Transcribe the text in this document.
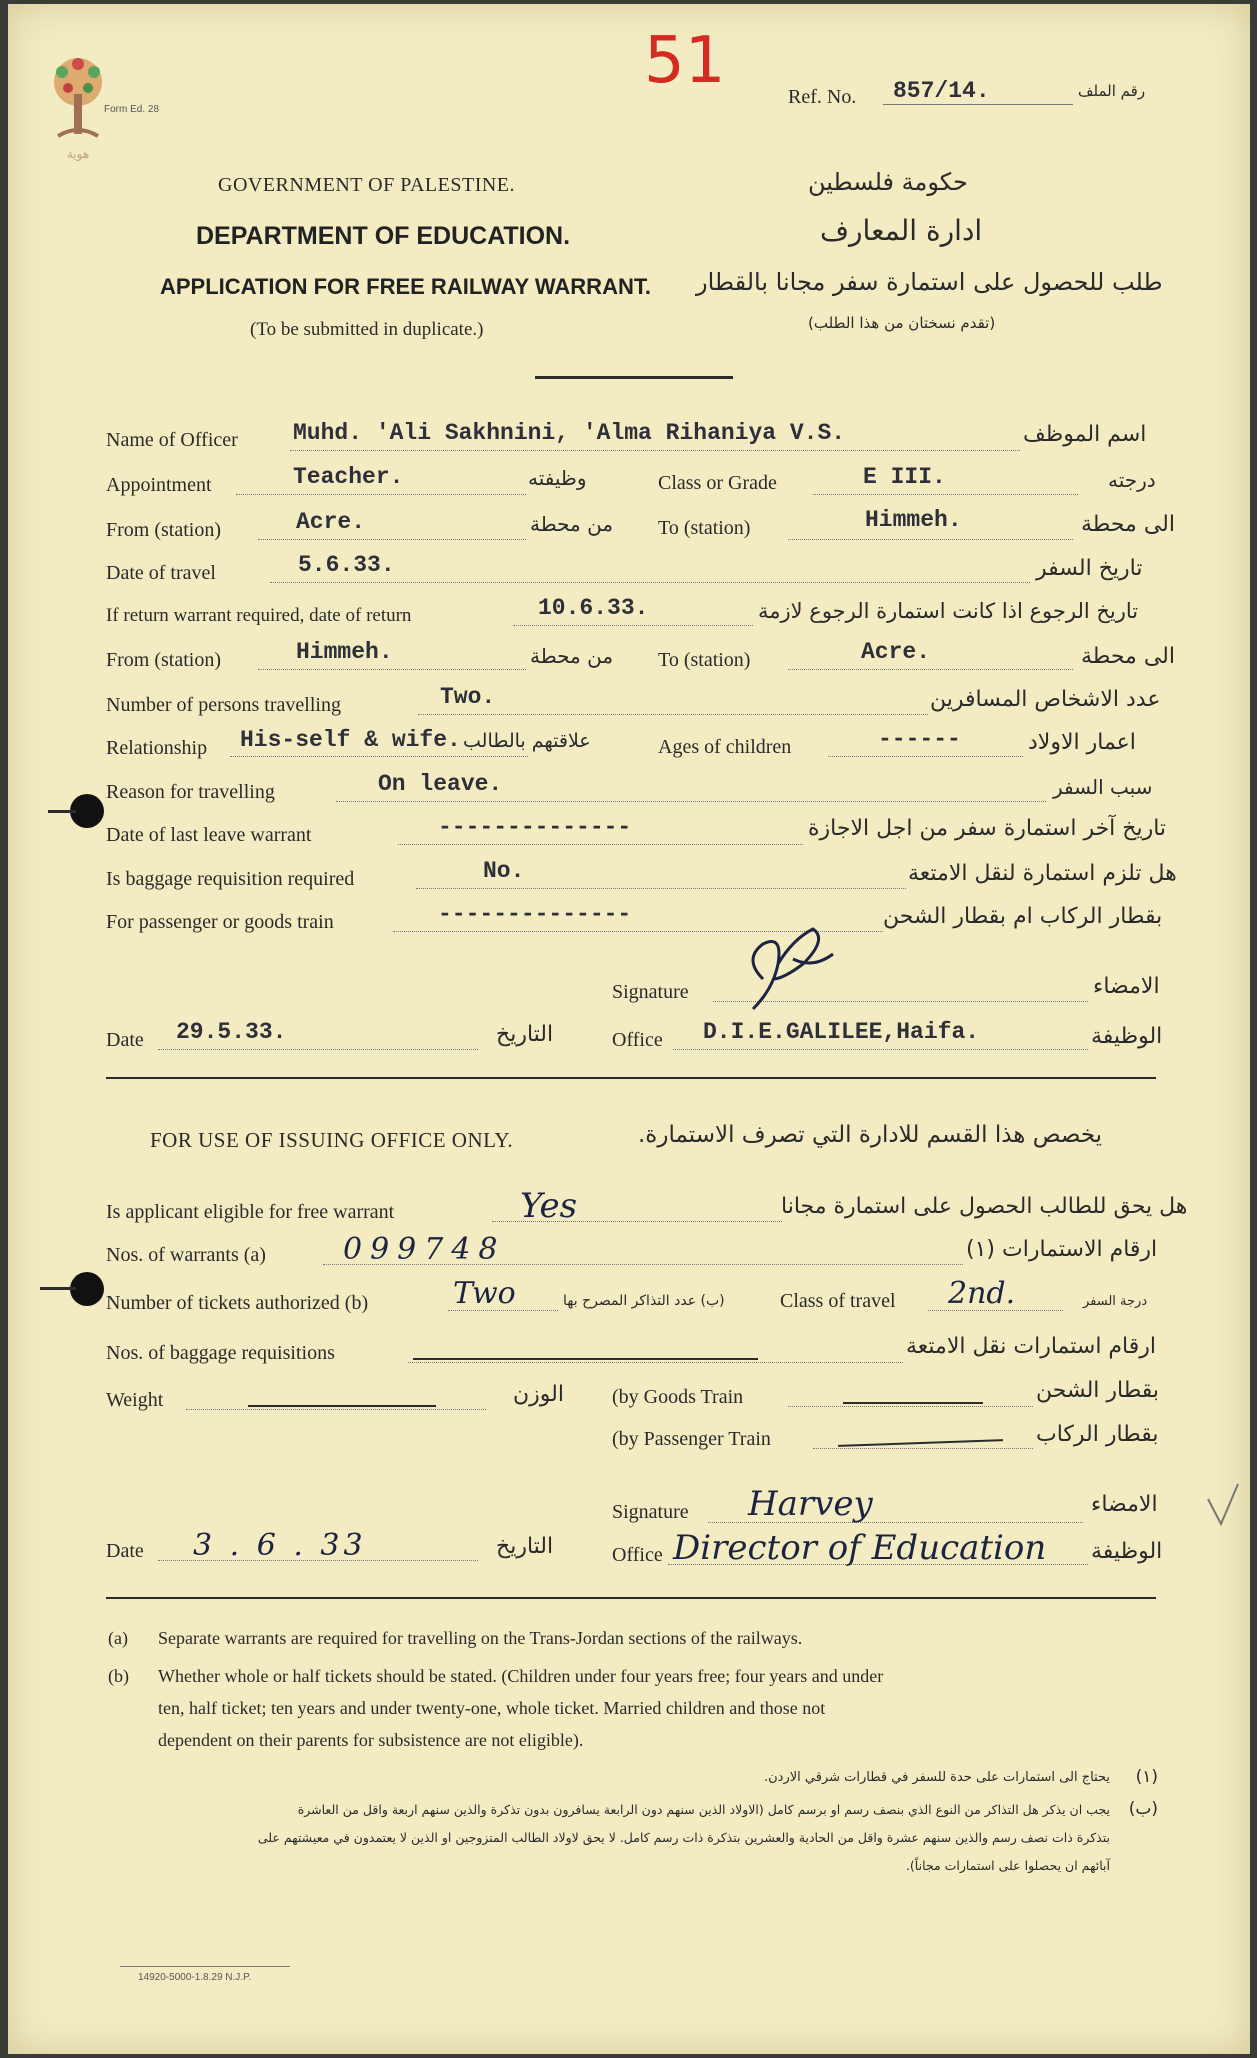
هوية
Form Ed. 28
51	Ref. No. 857/14.	رقم الملف
GOVERNMENT OF PALESTINE.	حكومة فلسطين
DEPARTMENT OF EDUCATION.	ادارة المعارف
APPLICATION FOR FREE RAILWAY WARRANT. طلب للحصول على استمارة سفر مجانا بالقطار
(To be submitted in duplicate.)	(تقدم نسختان من هذا الطلب)
Name of Officer Muhd. 'Ali Sakhnini, 'Alma Rihaniya V.S.	اسم الموظف
Appointment	Teacher.	وظيفته	Class or Grade	E III.	درجته
From (station)	Acre.	من محطة To (station)	Himmeh.	الى محطة
Date of travel	5.6.33.	تاريخ السفر
If return warrant required, date of return	10.6.33.	تاريخ الرجوع اذا كانت استمارة الرجوع لازمة
From (station)	Himmeh.	من محطة To (station)	Acre.	الى محطة
Number of persons travelling	Two.	عدد الاشخاص المسافرين
Relationship His-self & wife. علاقتهم بالطالب	Ages of children	------	اعمار الاولاد
Reason for travelling	On leave.	سبب السفر
Date of last leave warrant	--------------	تاريخ آخر استمارة سفر من اجل الاجازة
Is baggage requisition required	No.	هل تلزم استمارة لنقل الامتعة
For passenger or goods train	--------------	بقطار الركاب ام بقطار الشحن
Signature	الامضاء
Date 29.5.33.	التاريخ	Office D.I.E.GALILEE,Haifa.	الوظيفة
FOR USE OF ISSUING OFFICE ONLY.	يخصص هذا القسم للادارة التي تصرف الاستمارة.
Is applicant eligible for free warrant	Yes	هل يحق للطالب الحصول على استمارة مجانا
Nos. of warrants (a)	099748	ارقام الاستمارات (١)
Number of tickets authorized (b)	Two	(ب) عدد التذاكر المصرح بها	Class of travel 2nd.	درجة السفر
Nos. of baggage requisitions	ارقام استمارات نقل الامتعة
Weight	الوزن (by Goods Train	بقطار الشحن
(by Passenger Train	بقطار الركاب
Signature Harvey	الامضاء
Date 3 . 6 . 33	التاريخ	Office Director of Education الوظيفة
(a) Separate warrants are required for travelling on the Trans-Jordan sections of the railways.
(b) Whether whole or half tickets should be stated. (Children under four years free; four years and under
ten, half ticket; ten years and under twenty-one, whole ticket. Married children and those not
dependent on their parents for subsistence are not eligible).
(١)
يحتاج الى استمارات على حدة للسفر في قطارات شرقي الاردن.
(ب)
يجب ان يذكر هل التذاكر من النوع الذي بنصف رسم او برسم كامل (الاولاد الذين سنهم دون الرابعة يسافرون بدون تذكرة والذين سنهم اربعة واقل من العاشرة
بتذكرة ذات نصف رسم والذين سنهم عشرة واقل من الحادية والعشرين بتذكرة ذات رسم كامل. لا يحق لاولاد الطالب المتزوجين او الذين لا يعتمدون في معيشتهم على
آبائهم ان يحصلوا على استمارات مجاناً).
14920-5000-1.8.29 N.J.P.
